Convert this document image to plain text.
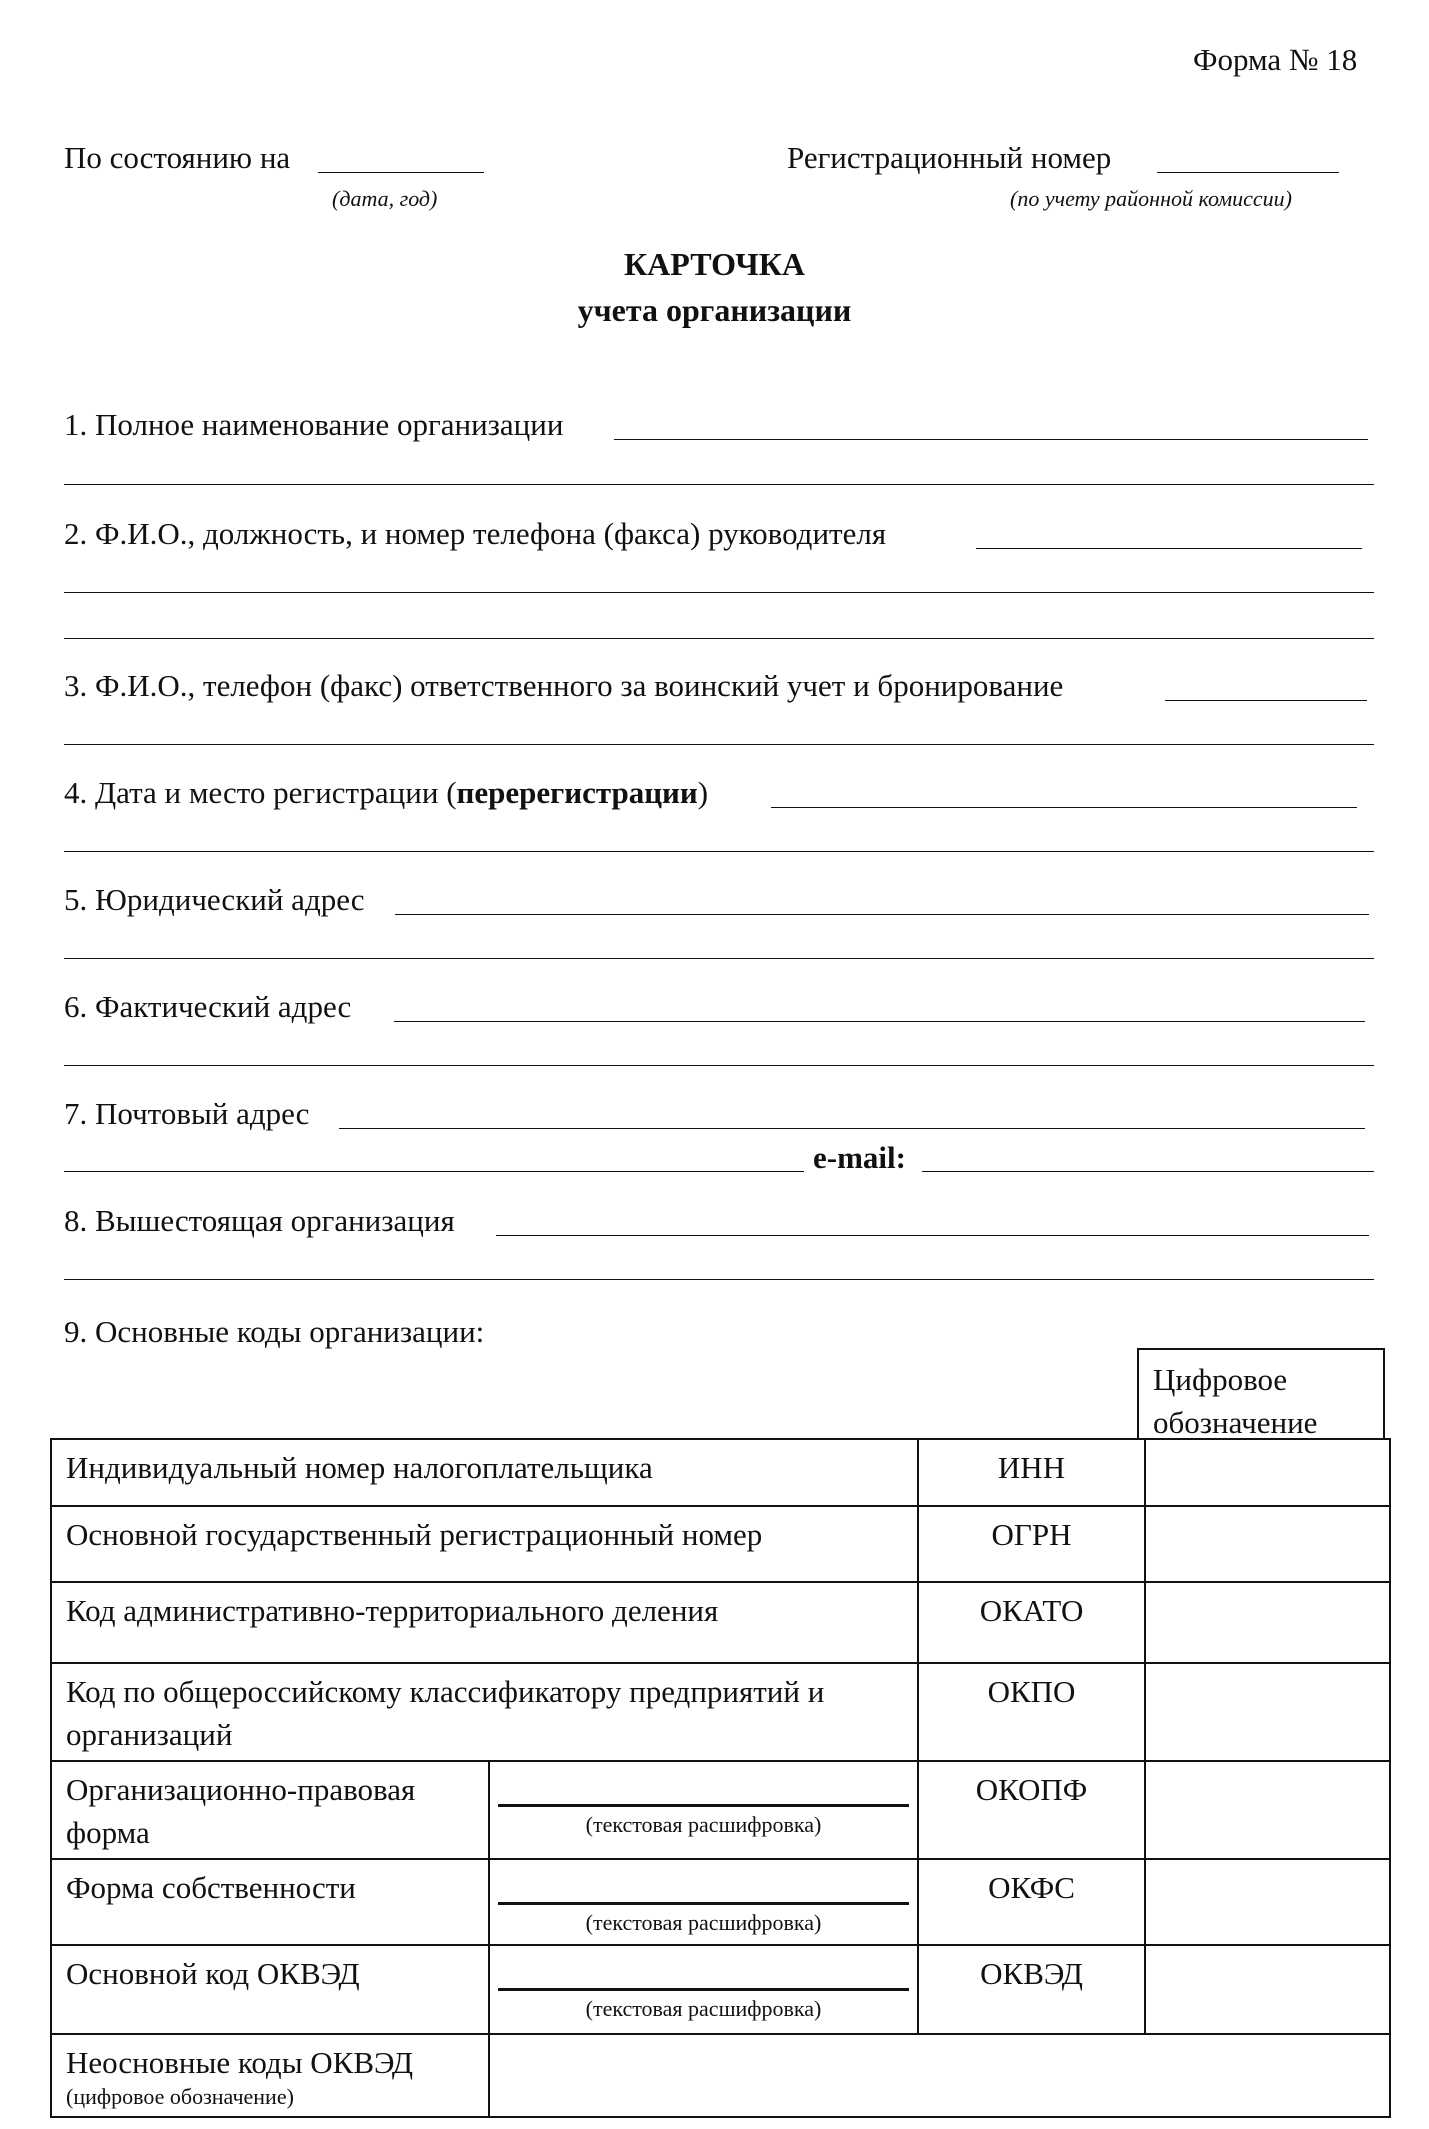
Форма № 18
По состоянию на
(дата, год)
Регистрационный номер
(по учету районной комиссии)
КАРТОЧКА
учета организации
1. Полное наименование организации
2. Ф.И.О., должность, и номер телефона (факса) руководителя
3. Ф.И.О., телефон (факс) ответственного за воинский учет и бронирование
4. Дата и место регистрации (перерегистрации)
5. Юридический адрес
6. Фактический адрес
7. Почтовый адрес
e-mail:
8. Вышестоящая организация
9. Основные коды организации:
Цифровое обозначение
Индивидуальный номер налогоплательщика		ИНН	
Основной государственный регистрационный номер		ОГРН	
Код административно-территориального деления		ОКАТО	
Код по общероссийскому классификатору предприятий и организаций		ОКПО	
Организационно-правовая форма	(текстовая расшифровка)	ОКОПФ	
Форма собственности	(текстовая расшифровка)	ОКФС	
Основной код ОКВЭД	(текстовая расшифровка)	ОКВЭД	

Неосновные коды ОКВЭД
(цифровое обозначение)			
